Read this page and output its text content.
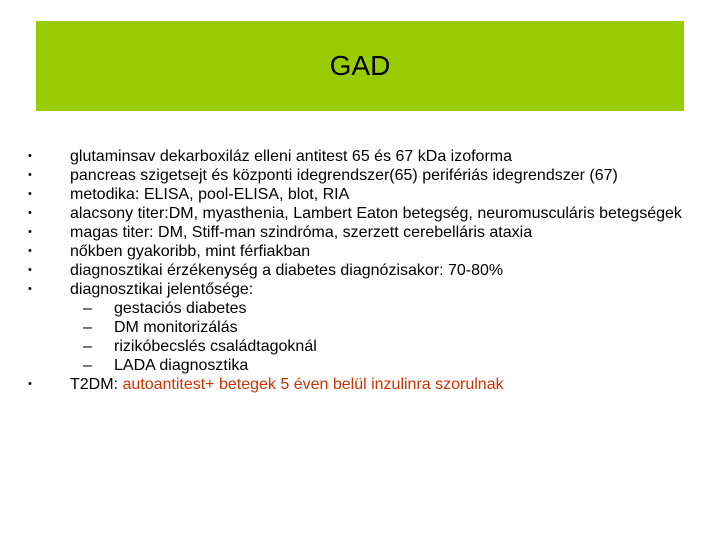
GAD
•	glutaminsav dekarboxiláz elleni antitest 65 és 67 kDa izoforma
•	pancreas szigetsejt és központi idegrendszer(65) perifériás idegrendszer (67)
•	metodika: ELISA, pool-ELISA, blot, RIA
•	alacsony titer:DM, myasthenia, Lambert Eaton betegség, neuromusculáris betegségek
•	magas titer: DM, Stiff-man szindróma, szerzett cerebelláris ataxia
•	nőkben gyakoribb, mint férfiakban
•	diagnosztikai érzékenység a diabetes diagnózisakor: 70-80%
•	diagnosztikai jelentősége:
– gestaciós diabetes
– DM monitorizálás
– rizikóbecslés családtagoknál
– LADA diagnosztika
•	T2DM: autoantitest+ betegek 5 éven belül inzulinra szorulnak
